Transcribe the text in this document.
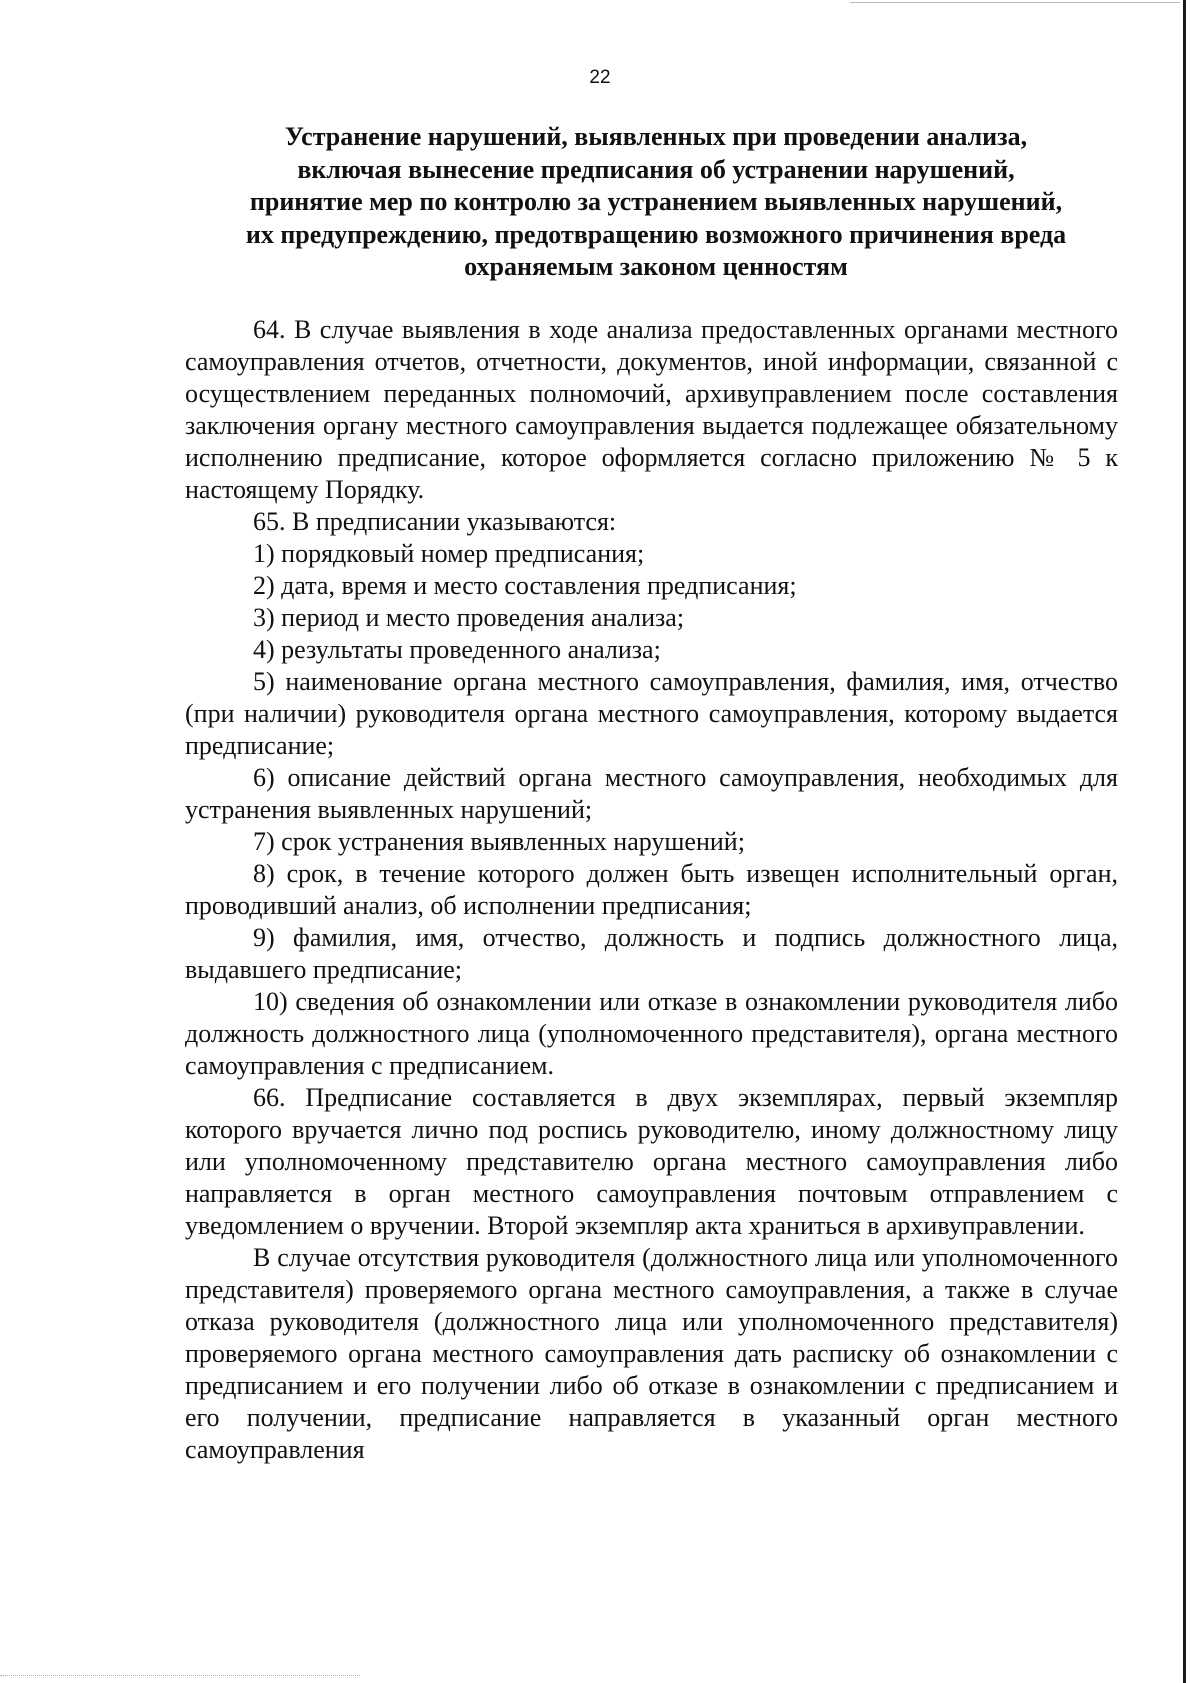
22
Устранение нарушений, выявленных при проведении анализа,
включая вынесение предписания об устранении нарушений,
принятие мер по контролю за устранением выявленных нарушений,
их предупреждению, предотвращению возможного причинения вреда
охраняемым законом ценностям

64. В случае выявления в ходе анализа предоставленных органами местного самоуправления отчетов, отчетности, документов, иной информации, связанной с осуществлением переданных полномочий, архивуправлением после составления заключения органу местного самоуправления выдается подлежащее обязательному исполнению предписание, которое оформляется согласно приложению № 5 к настоящему Порядку.

65. В предписании указываются:

1) порядковый номер предписания;

2) дата, время и место составления предписания;

3) период и место проведения анализа;

4) результаты проведенного анализа;

5) наименование органа местного самоуправления, фамилия, имя, отчество (при наличии) руководителя органа местного самоуправления, которому выдается предписание;

6) описание действий органа местного самоуправления, необходимых для устранения выявленных нарушений;

7) срок устранения выявленных нарушений;

8) срок, в течение которого должен быть извещен исполнительный орган, проводивший анализ, об исполнении предписания;

9) фамилия, имя, отчество, должность и подпись должностного лица, выдавшего предписание;

10) сведения об ознакомлении или отказе в ознакомлении руководителя либо должность должностного лица (уполномоченного представителя), органа местного самоуправления с предписанием.

66. Предписание составляется в двух экземплярах, первый экземпляр которого вручается лично под роспись руководителю, иному должностному лицу или уполномоченному представителю органа местного самоуправления либо направляется в орган местного самоуправления почтовым отправлением с уведомлением о вручении. Второй экземпляр акта храниться в архивуправлении.

В случае отсутствия руководителя (должностного лица или уполномоченного представителя) проверяемого органа местного самоуправления, а также в случае отказа руководителя (должностного лица или уполномоченного представителя) проверяемого органа местного самоуправления дать расписку об ознакомлении с предписанием и его получении либо об отказе в ознакомлении с предписанием и его получении, предписание направляется в указанный орган местного самоуправления
